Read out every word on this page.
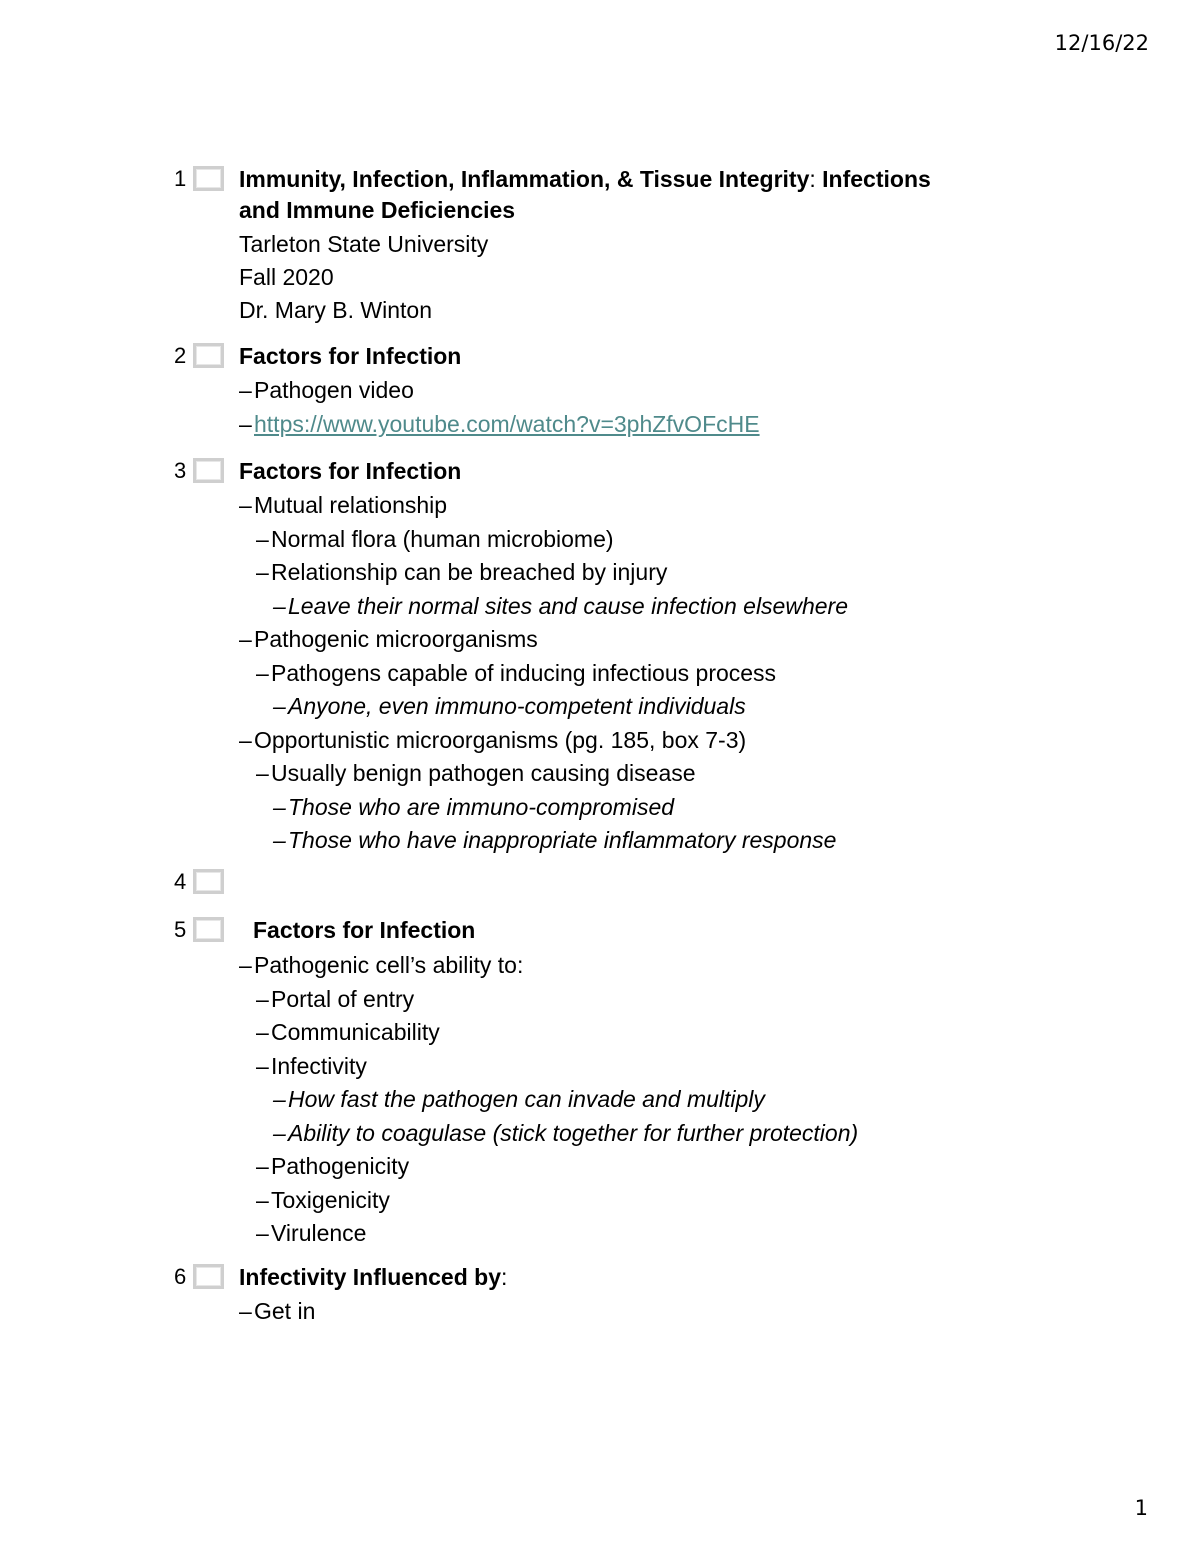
12/16/22
1 Immunity, Infection, Inflammation, & Tissue Integrity: Infections
and Immune Deficiencies
Tarleton State University
Fall 2020
Dr. Mary B. Winton
2 Factors for Infection
–Pathogen video
–https://www.youtube.com/watch?v=3phZfvOFcHE
3 Factors for Infection
–Mutual relationship
–Normal flora (human microbiome)
–Relationship can be breached by injury
–Leave their normal sites and cause infection elsewhere
–Pathogenic microorganisms
–Pathogens capable of inducing infectious process
–Anyone, even immuno-competent individuals
–Opportunistic microorganisms (pg. 185, box 7-3)
–Usually benign pathogen causing disease
–Those who are immuno-compromised
–Those who have inappropriate inflammatory response
4
5	Factors for Infection
–Pathogenic cell’s ability to:
–Portal of entry
–Communicability
–Infectivity
–How fast the pathogen can invade and multiply
–Ability to coagulase (stick together for further protection)
–Pathogenicity
–Toxigenicity
–Virulence
6 Infectivity Influenced by:
–Get in
1
